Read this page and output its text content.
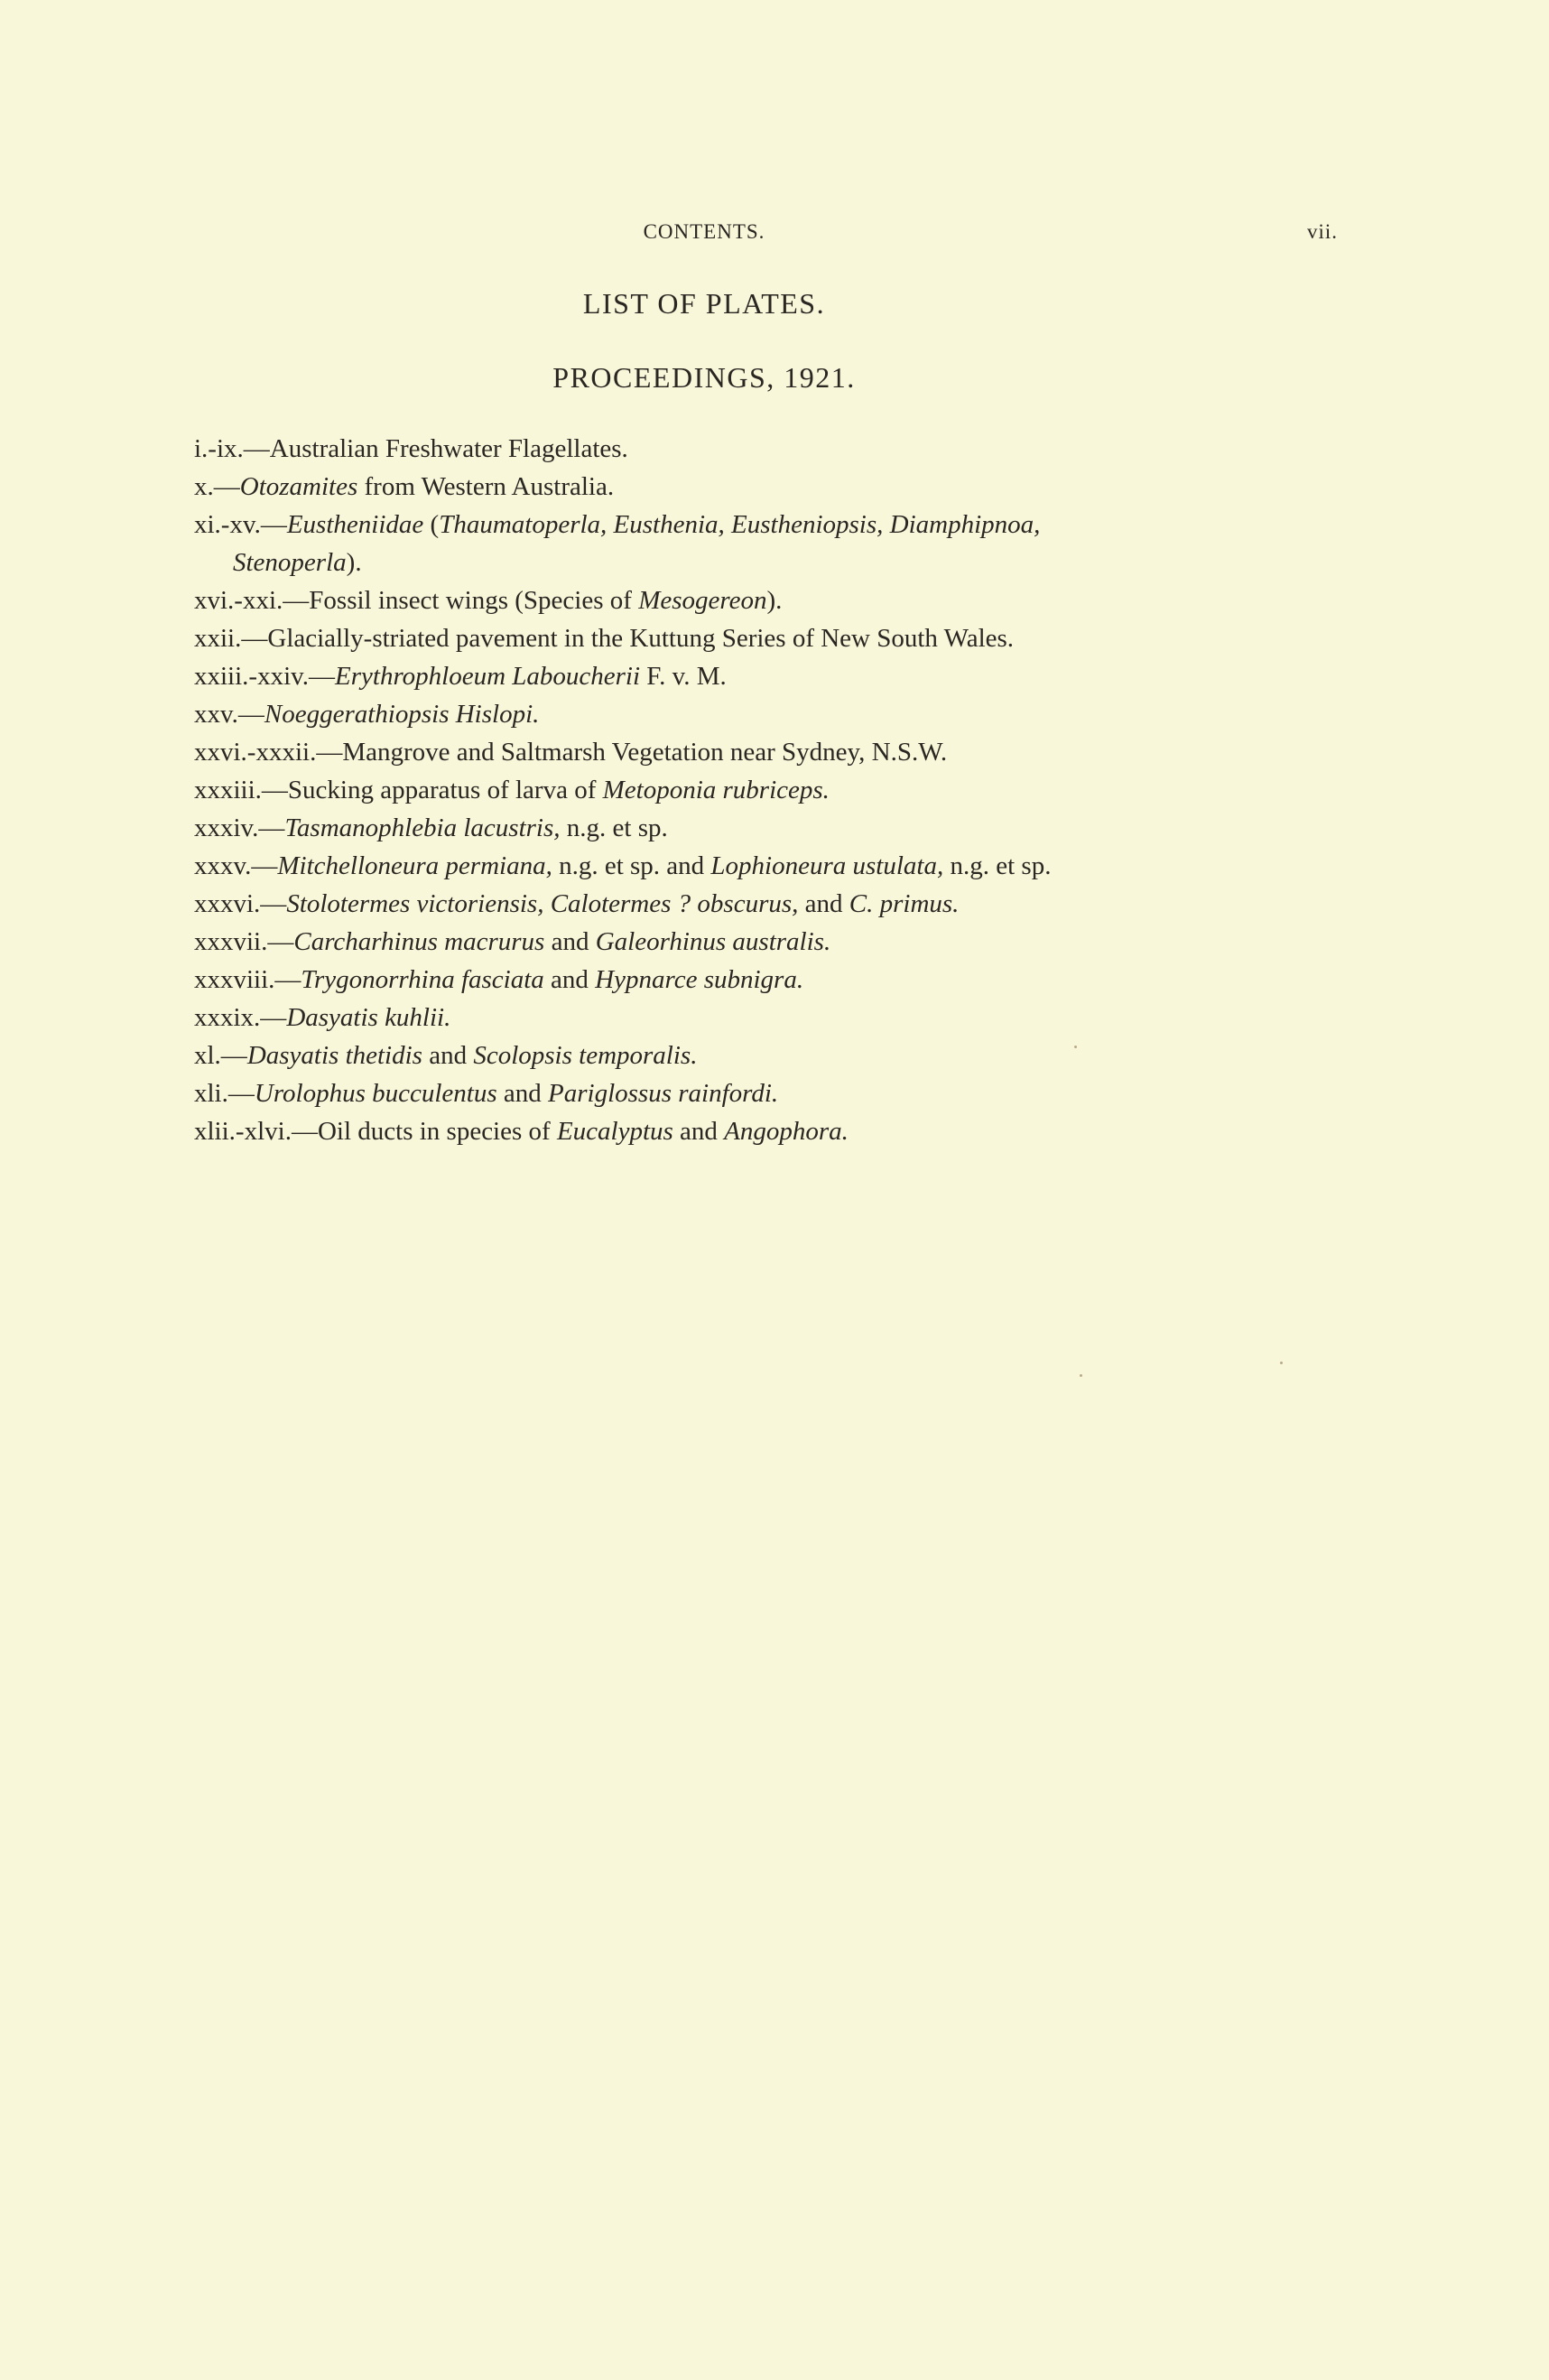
CONTENTS.	vii.
LIST OF PLATES.
PROCEEDINGS, 1921.
i.-ix.—Australian Freshwater Flagellates.
x.—Otozamites from Western Australia.
xi.-xv.—Eustheniidae (Thaumatoperla, Eusthenia, Eustheniopsis, Diamphipnoa,
Stenoperla).
xvi.-xxi.—Fossil insect wings (Species of Mesogereon).
xxii.—Glacially-striated pavement in the Kuttung Series of New South Wales.
xxiii.-xxiv.—Erythrophloeum Laboucherii F. v. M.
xxv.—Noeggerathiopsis Hislopi.
xxvi.-xxxii.—Mangrove and Saltmarsh Vegetation near Sydney, N.S.W.
xxxiii.—Sucking apparatus of larva of Metoponia rubriceps.
xxxiv.—Tasmanophlebia lacustris, n.g. et sp.
xxxv.—Mitchelloneura permiana, n.g. et sp. and Lophioneura ustulata, n.g. et sp.
xxxvi.—Stolotermes victoriensis, Calotermes ? obscurus, and C. primus.
xxxvii.—Carcharhinus macrurus and Galeorhinus australis.
xxxviii.—Trygonorrhina fasciata and Hypnarce subnigra.
xxxix.—Dasyatis kuhlii.
xl.—Dasyatis thetidis and Scolopsis temporalis.
xli.—Urolophus bucculentus and Pariglossus rainfordi.
xlii.-xlvi.—Oil ducts in species of Eucalyptus and Angophora.
